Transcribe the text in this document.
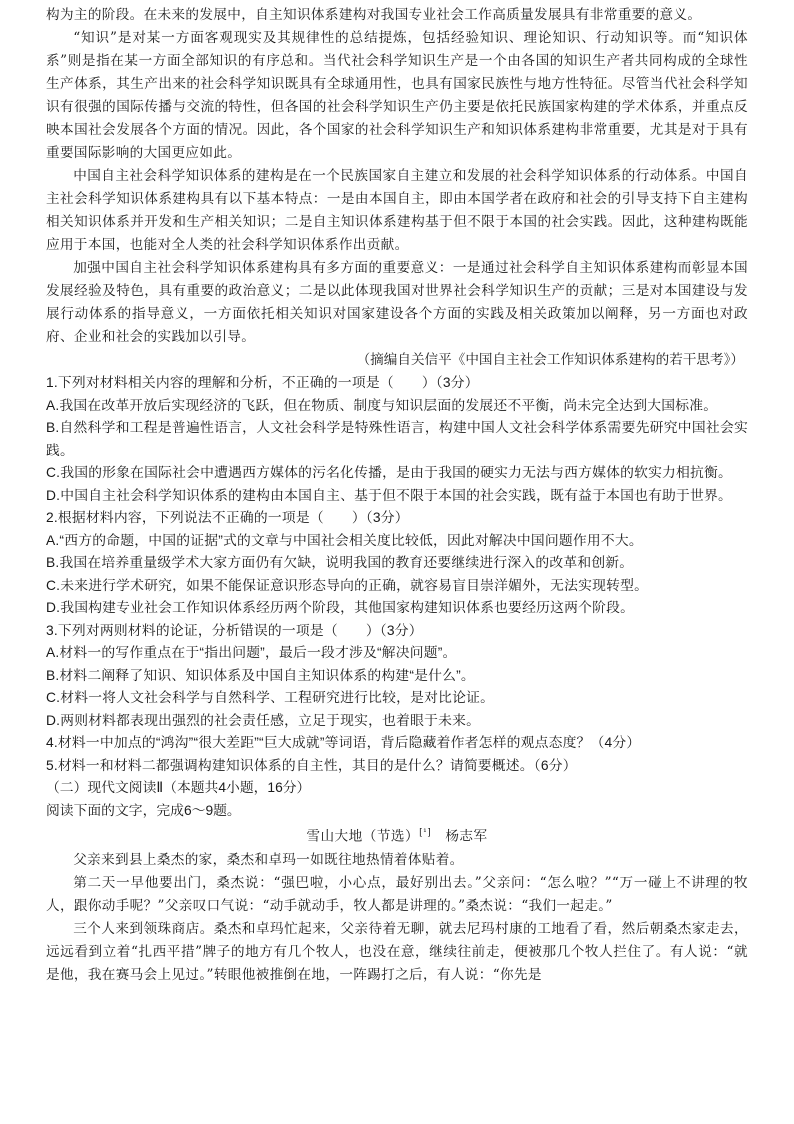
构为主的阶段。在未来的发展中，自主知识体系建构对我国专业社会工作高质量发展具有非常重要的意义。

“知识”是对某一方面客观现实及其规律性的总结提炼，包括经验知识、理论知识、行动知识等。而“知识体系”则是指在某一方面全部知识的有序总和。当代社会科学知识生产是一个由各国的知识生产者共同构成的全球性生产体系，其生产出来的社会科学知识既具有全球通用性，也具有国家民族性与地方性特征。尽管当代社会科学知识有很强的国际传播与交流的特性，但各国的社会科学知识生产仍主要是依托民族国家构建的学术体系，并重点反映本国社会发展各个方面的情况。因此，各个国家的社会科学知识生产和知识体系建构非常重要，尤其是对于具有重要国际影响的大国更应如此。

中国自主社会科学知识体系的建构是在一个民族国家自主建立和发展的社会科学知识体系的行动体系。中国自主社会科学知识体系建构具有以下基本特点：一是由本国自主，即由本国学者在政府和社会的引导支持下自主建构相关知识体系并开发和生产相关知识；二是自主知识体系建构基于但不限于本国的社会实践。因此，这种建构既能应用于本国，也能对全人类的社会科学知识体系作出贡献。

加强中国自主社会科学知识体系建构具有多方面的重要意义：一是通过社会科学自主知识体系建构而彰显本国发展经验及特色，具有重要的政治意义；二是以此体现我国对世界社会科学知识生产的贡献；三是对本国建设与发展行动体系的指导意义，一方面依托相关知识对国家建设各个方面的实践及相关政策加以阐释，另一方面也对政府、企业和社会的实践加以引导。

（摘编自关信平《中国自主社会工作知识体系建构的若干思考》）

1.下列对材料相关内容的理解和分析，不正确的一项是（　　）（3分）

A.我国在改革开放后实现经济的飞跃，但在物质、制度与知识层面的发展还不平衡，尚未完全达到大国标准。

B.自然科学和工程是普遍性语言，人文社会科学是特殊性语言，构建中国人文社会科学体系需要先研究中国社会实践。

C.我国的形象在国际社会中遭遇西方媒体的污名化传播，是由于我国的硬实力无法与西方媒体的软实力相抗衡。

D.中国自主社会科学知识体系的建构由本国自主、基于但不限于本国的社会实践，既有益于本国也有助于世界。

2.根据材料内容，下列说法不正确的一项是（　　）（3分）

A.“西方的命题，中国的证据”式的文章与中国社会相关度比较低，因此对解决中国问题作用不大。

B.我国在培养重量级学术大家方面仍有欠缺，说明我国的教育还要继续进行深入的改革和创新。

C.未来进行学术研究，如果不能保证意识形态导向的正确，就容易盲目崇洋媚外，无法实现转型。

D.我国构建专业社会工作知识体系经历两个阶段，其他国家构建知识体系也要经历这两个阶段。

3.下列对两则材料的论证，分析错误的一项是（　　）（3分）

A.材料一的写作重点在于“指出问题”，最后一段才涉及“解决问题”。

B.材料二阐释了知识、知识体系及中国自主知识体系的构建“是什么”。

C.材料一将人文社会科学与自然科学、工程研究进行比较，是对比论证。

D.两则材料都表现出强烈的社会责任感，立足于现实，也着眼于未来。

4.材料一中加点的“鸿沟”“很大差距”“巨大成就”等词语，背后隐藏着作者怎样的观点态度？（4分）

5.材料一和材料二都强调构建知识体系的自主性，其目的是什么？请简要概述。（6分）

（二）现代文阅读Ⅱ（本题共4小题，16分）

阅读下面的文字，完成6～9题。

雪山大地（节选）[¹]　 杨志军

父亲来到县上桑杰的家，桑杰和卓玛一如既往地热情着体贴着。

第二天一早他要出门，桑杰说：“强巴啦，小心点，最好别出去。”父亲问：“怎么啦？”“万一碰上不讲理的牧人，跟你动手呢？”父亲叹口气说：“动手就动手，牧人都是讲理的。”桑杰说：“我们一起走。”

三个人来到领珠商店。桑杰和卓玛忙起来，父亲待着无聊，就去尼玛村康的工地看了看，然后朝桑杰家走去，远远看到立着“扎西平措”牌子的地方有几个牧人，也没在意，继续往前走，便被那几个牧人拦住了。有人说：“就是他，我在赛马会上见过。”转眼他被推倒在地，一阵踢打之后，有人说：“你先是
